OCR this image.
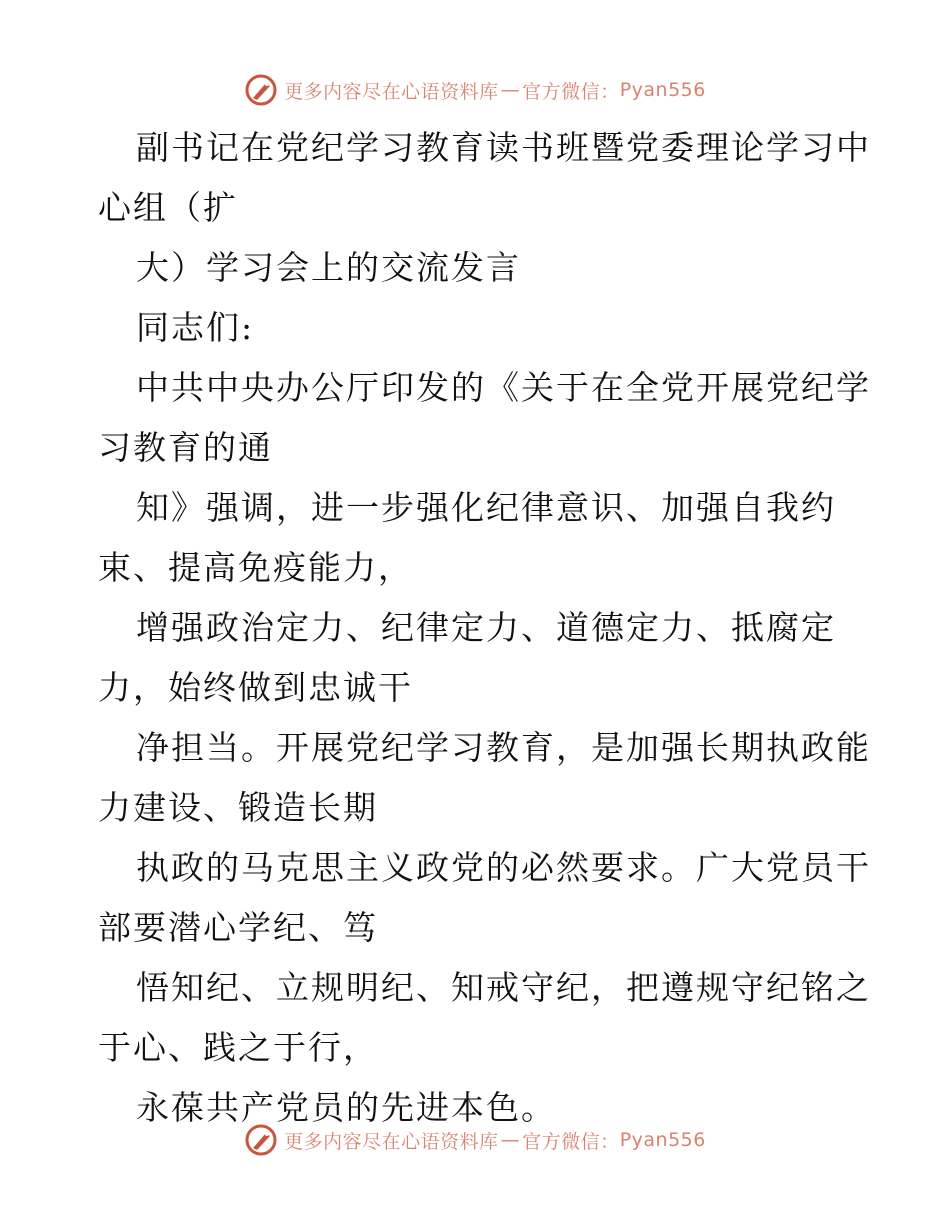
更多内容尽在心语资料库 — 官方微信： Pyan556
副书记在党纪学习教育读书班暨党委理论学习中
心组（扩
大）学习会上的交流发言
同志们:
中共中央办公厅印发的《关于在全党开展党纪学
习教育的通
知》强调，进一步强化纪律意识、加强自我约
束、提高免疫能力，
增强政治定力、纪律定力、道德定力、抵腐定
力，始终做到忠诚干
净担当。开展党纪学习教育，是加强长期执政能
力建设、锻造长期
执政的马克思主义政党的必然要求。广大党员干
部要潜心学纪、笃
悟知纪、立规明纪、知戒守纪，把遵规守纪铭之
于心、践之于行，
永葆共产党员的先进本色。
更多内容尽在心语资料库 — 官方微信： Pyan556
